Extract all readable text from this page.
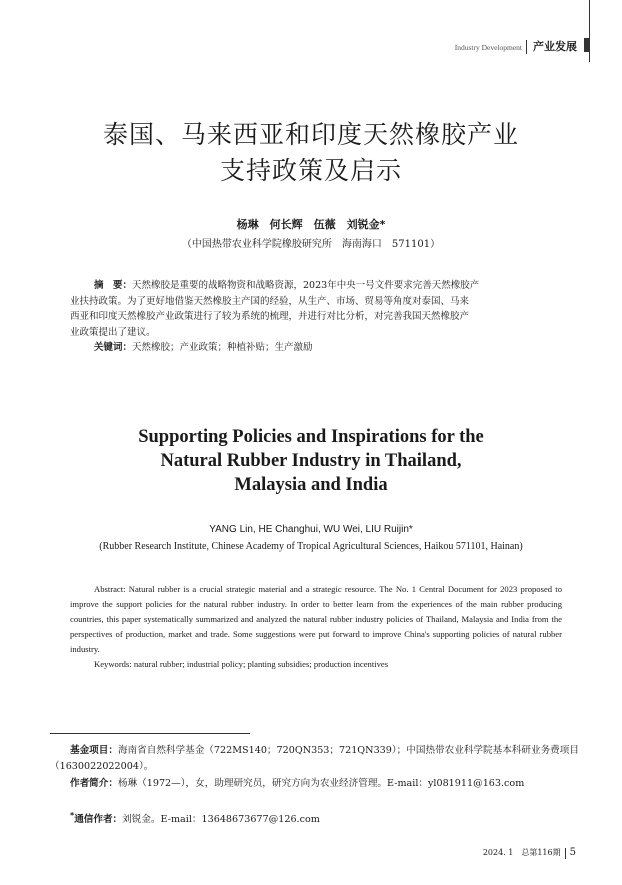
Industry Development 产业发展
泰国、马来西亚和印度天然橡胶产业
支持政策及启示
杨琳　何长辉　伍薇　刘锐金*
（中国热带农业科学院橡胶研究所　海南海口　571101）
摘　要：天然橡胶是重要的战略物资和战略资源，2023年中央一号文件要求完善天然橡胶产
业扶持政策。为了更好地借鉴天然橡胶主产国的经验，从生产、市场、贸易等角度对泰国、马来
西亚和印度天然橡胶产业政策进行了较为系统的梳理，并进行对比分析，对完善我国天然橡胶产
业政策提出了建议。
关键词：天然橡胶；产业政策；种植补贴；生产激励
Supporting Policies and Inspirations for the
Natural Rubber Industry in Thailand,
Malaysia and India
YANG Lin, HE Changhui, WU Wei, LIU Ruijin*
(Rubber Research Institute, Chinese Academy of Tropical Agricultural Sciences, Haikou 571101, Hainan)
Abstract: Natural rubber is a crucial strategic material and a strategic resource. The No. 1 Central Document for 2023 proposed to improve the support policies for the natural rubber industry. In order to better learn from the experiences of the main rubber producing countries, this paper systematically summarized and analyzed the natural rubber industry policies of Thailand, Malaysia and India from the perspectives of production, market and trade. Some suggestions were put forward to improve China's supporting policies of natural rubber industry.
Keywords: natural rubber; industrial policy; planting subsidies; production incentives
基金项目：海南省自然科学基金（722MS140；720QN353；721QN339）；中国热带农业科学院基本科研业务费项目（1630022022004）。
作者简介：杨琳（1972—），女，助理研究员，研究方向为农业经济管理。E-mail：yl081911@163.com
*通信作者：刘锐金。E-mail：13648673677@126.com
2024. 1　总第116期 5
